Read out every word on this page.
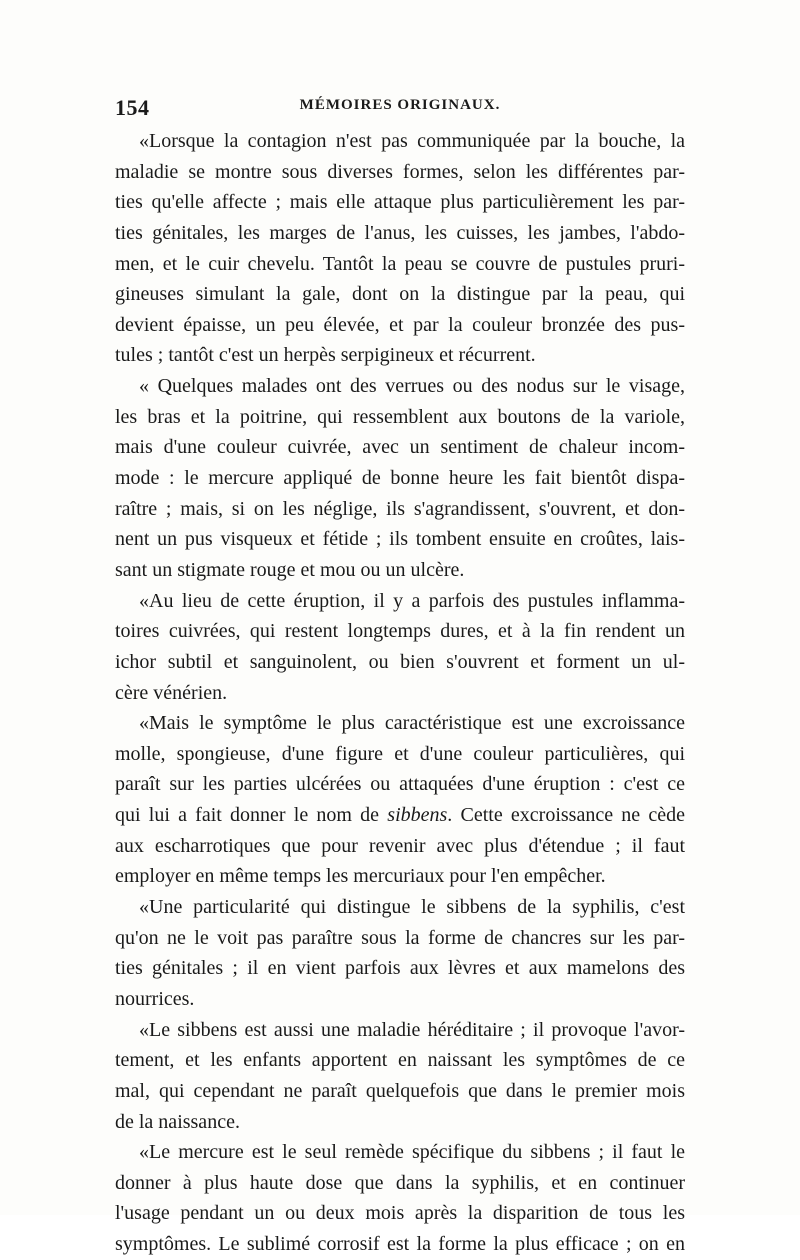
154	MÉMOIRES ORIGINAUX.
«Lorsque la contagion n'est pas communiquée par la bouche, la
maladie se montre sous diverses formes, selon les différentes par-
ties qu'elle affecte ; mais elle attaque plus particulièrement les par-
ties génitales, les marges de l'anus, les cuisses, les jambes, l'abdo-
men, et le cuir chevelu. Tantôt la peau se couvre de pustules pruri-
gineuses simulant la gale, dont on la distingue par la peau, qui
devient épaisse, un peu élevée, et par la couleur bronzée des pus-
tules ; tantôt c'est un herpès serpigineux et récurrent.
« Quelques malades ont des verrues ou des nodus sur le visage,
les bras et la poitrine, qui ressemblent aux boutons de la variole,
mais d'une couleur cuivrée, avec un sentiment de chaleur incom-
mode : le mercure appliqué de bonne heure les fait bientôt dispa-
raître ; mais, si on les néglige, ils s'agrandissent, s'ouvrent, et don-
nent un pus visqueux et fétide ; ils tombent ensuite en croûtes, lais-
sant un stigmate rouge et mou ou un ulcère.
«Au lieu de cette éruption, il y a parfois des pustules inflamma-
toires cuivrées, qui restent longtemps dures, et à la fin rendent un
ichor subtil et sanguinolent, ou bien s'ouvrent et forment un ul-
cère vénérien.
«Mais le symptôme le plus caractéristique est une excroissance
molle, spongieuse, d'une figure et d'une couleur particulières, qui
paraît sur les parties ulcérées ou attaquées d'une éruption : c'est ce
qui lui a fait donner le nom de sibbens. Cette excroissance ne cède
aux escharrotiques que pour revenir avec plus d'étendue ; il faut
employer en même temps les mercuriaux pour l'en empêcher.
«Une particularité qui distingue le sibbens de la syphilis, c'est
qu'on ne le voit pas paraître sous la forme de chancres sur les par-
ties génitales ; il en vient parfois aux lèvres et aux mamelons des
nourrices.
«Le sibbens est aussi une maladie héréditaire ; il provoque l'avor-
tement, et les enfants apportent en naissant les symptômes de ce
mal, qui cependant ne paraît quelquefois que dans le premier mois
de la naissance.
«Le mercure est le seul remède spécifique du sibbens ; il faut le
donner à plus haute dose que dans la syphilis, et en continuer
l'usage pendant un ou deux mois après la disparition de tous les
symptômes. Le sublimé corrosif est la forme la plus efficace ; on en
